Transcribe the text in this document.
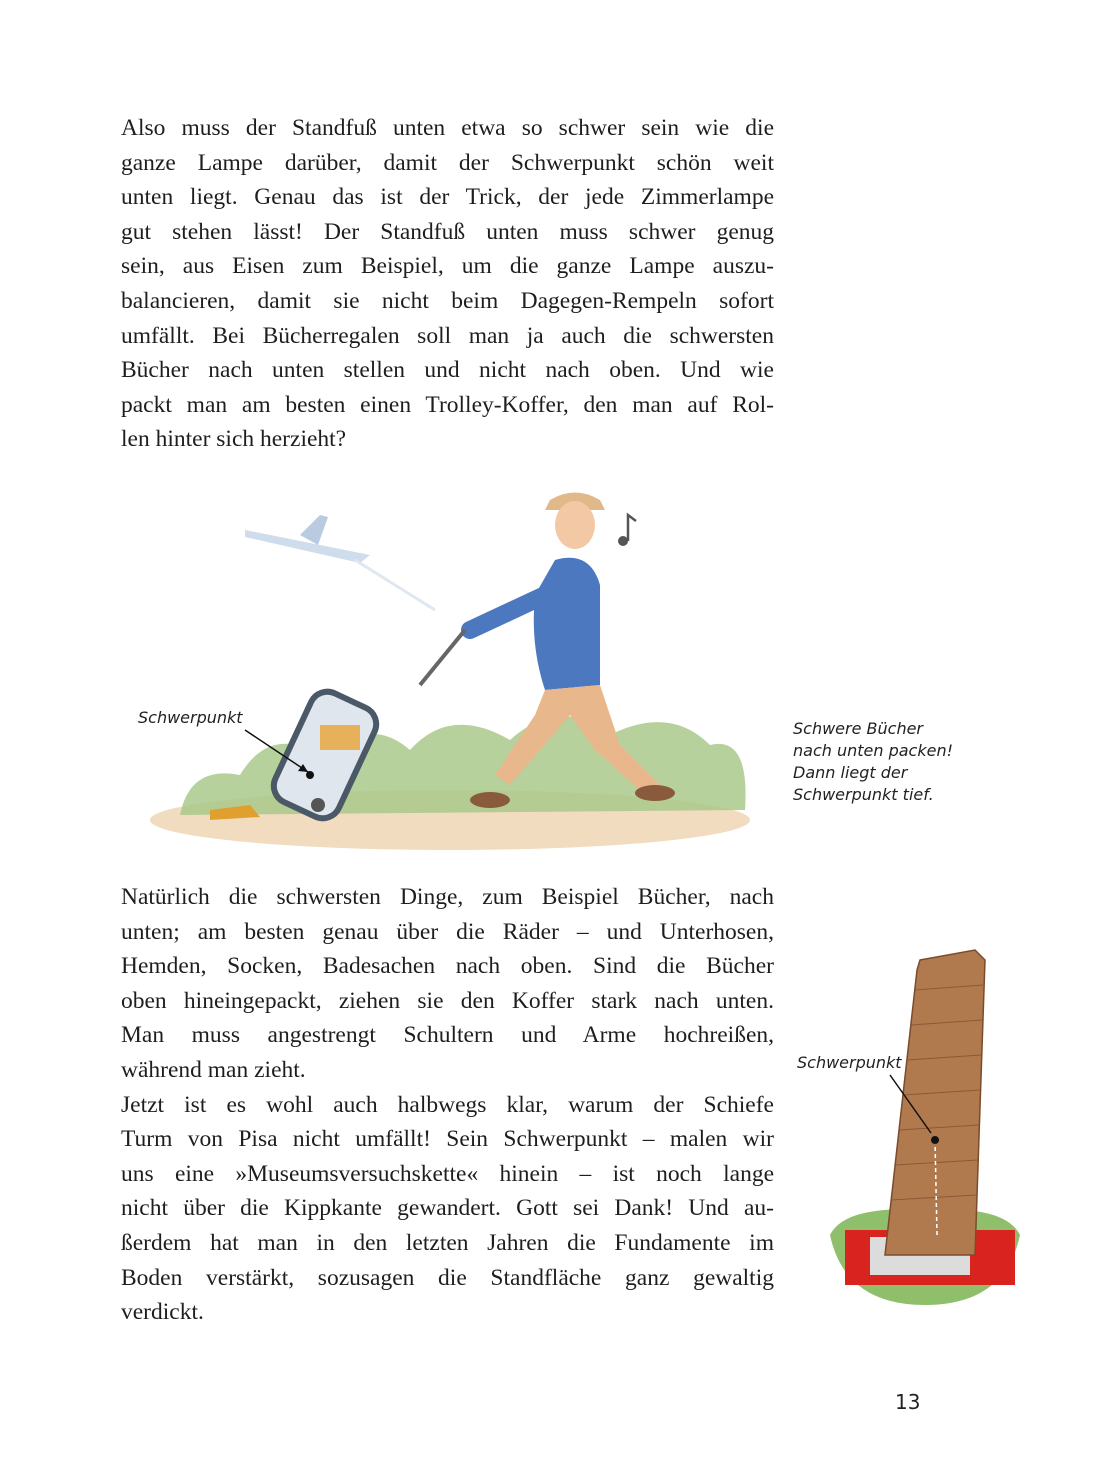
Also muss der Standfuß unten etwa so schwer sein wie die
ganze Lampe darüber, damit der Schwerpunkt schön weit
unten liegt. Genau das ist der Trick, der jede Zimmerlampe
gut stehen lässt! Der Standfuß unten muss schwer genug
sein, aus Eisen zum Beispiel, um die ganze Lampe auszu-
balancieren, damit sie nicht beim Dagegen-Rempeln sofort
umfällt. Bei Bücherregalen soll man ja auch die schwersten
Bücher nach unten stellen und nicht nach oben. Und wie
packt man am besten einen Trolley-Koffer, den man auf Rol-
len hinter sich herzieht?
Schwerpunkt
Schwere Bücher
nach unten packen!
Dann liegt der
Schwerpunkt tief.
Natürlich die schwersten Dinge, zum Beispiel Bücher, nach
unten; am besten genau über die Räder – und Unterhosen,
Hemden, Socken, Badesachen nach oben. Sind die Bücher
oben hineingepackt, ziehen sie den Koffer stark nach unten.
Man muss angestrengt Schultern und Arme hochreißen,
während man zieht.
Jetzt ist es wohl auch halbwegs klar, warum der Schiefe
Turm von Pisa nicht umfällt! Sein Schwerpunkt – malen wir
uns eine »Museumsversuchskette« hinein – ist noch lange
nicht über die Kippkante gewandert. Gott sei Dank! Und au-
ßerdem hat man in den letzten Jahren die Fundamente im
Boden verstärkt, sozusagen die Standfläche ganz gewaltig
verdickt.
Schwerpunkt
13
